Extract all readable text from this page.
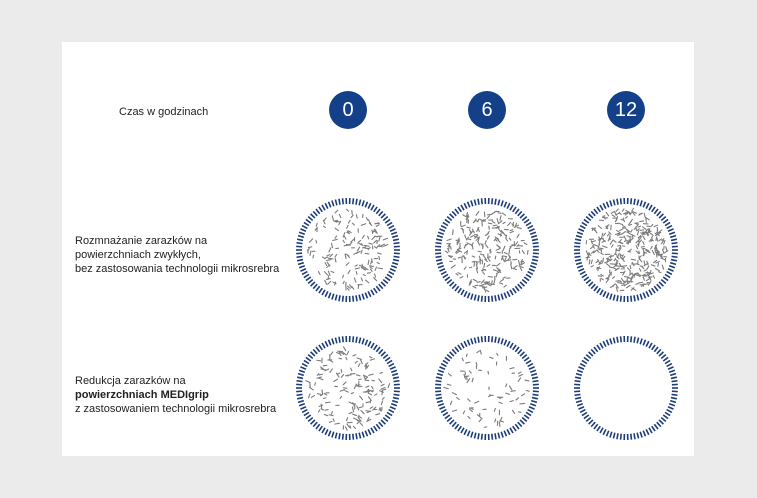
Czas w godzinach	0	6	12
Rozmnażanie zarazków na
powierzchniach zwykłych,
bez zastosowania technologii mikrosrebra
Redukcja zarazków na
powierzchniach MEDIgrip
z zastosowaniem technologii mikrosrebra
